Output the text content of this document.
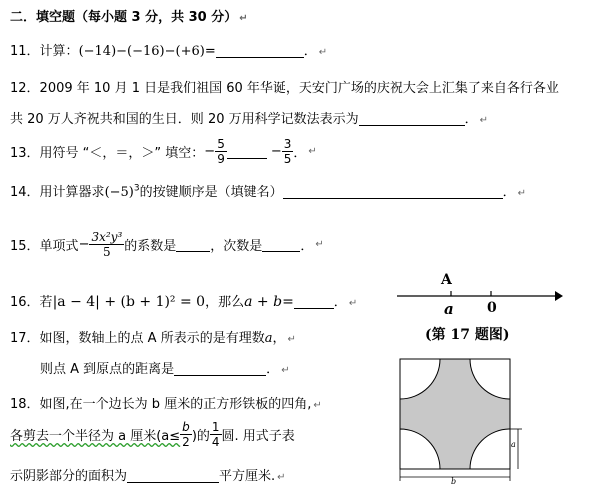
二．填空题（每小题 3 分，共 30 分） ↵
11．计算：(−14)−(−16)−(+6)=	． ↵
12．2009 年 10 月 1 日是我们祖国 60 年华诞，天安门广场的庆祝大会上汇集了来自各行各业
共 20 万人齐祝共和国的生日．则 20 万用科学记数法表示为	． ↵
13．用符号 “＜，＝，＞” 填空：− $\frac{5}{9}$	− $\frac{3}{5}$ ． ↵
14．用计算器求$(-5)^3$的按键顺序是（填键名）	． ↵
15．单项式− $\frac{\text{3x²y³}}{5}$ 的系数是	，次数是	． ↵
16．若|a − 4| + (b + 1)² = 0，那么a + b=	． ↵
17．如图，数轴上的点 A 所表示的是有理数a， ↵
则点 A 到原点的距离是	． ↵
18．如图,在一个边长为 b 厘米的正方形铁板的四角, ↵
各剪去一个半径为 a 厘米($a\le \frac{b}{2}$ )的 $\frac{1}{4}$ 圆. 用式子表
示阴影部分的面积为	平方厘米. ↵
A
a 0
(第 17 题图)
b
a
